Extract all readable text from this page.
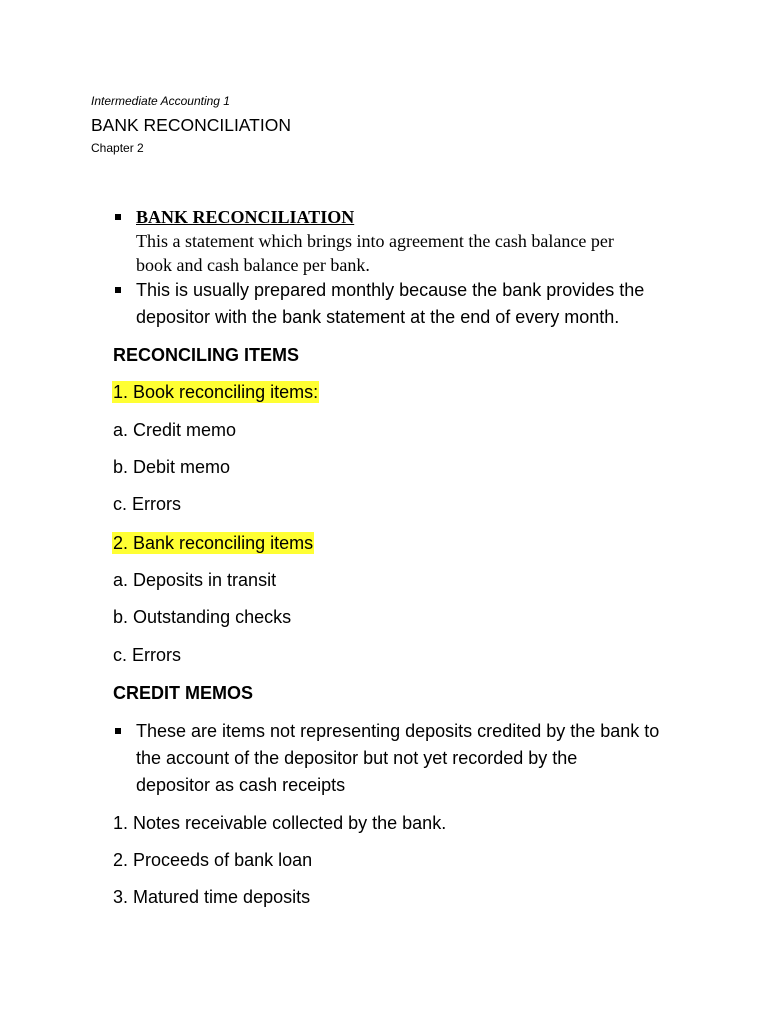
Intermediate Accounting 1
BANK RECONCILIATION
Chapter 2
BANK RECONCILIATION
This a statement which brings into agreement the cash balance per
book and cash balance per bank.
This is usually prepared monthly because the bank provides the
depositor with the bank statement at the end of every month.
RECONCILING ITEMS
1. Book reconciling items:
a. Credit memo
b. Debit memo
c. Errors
2. Bank reconciling items
a. Deposits in transit
b. Outstanding checks
c. Errors
CREDIT MEMOS
These are items not representing deposits credited by the bank to
the account of the depositor but not yet recorded by the
depositor as cash receipts
1. Notes receivable collected by the bank.
2. Proceeds of bank loan
3. Matured time deposits
